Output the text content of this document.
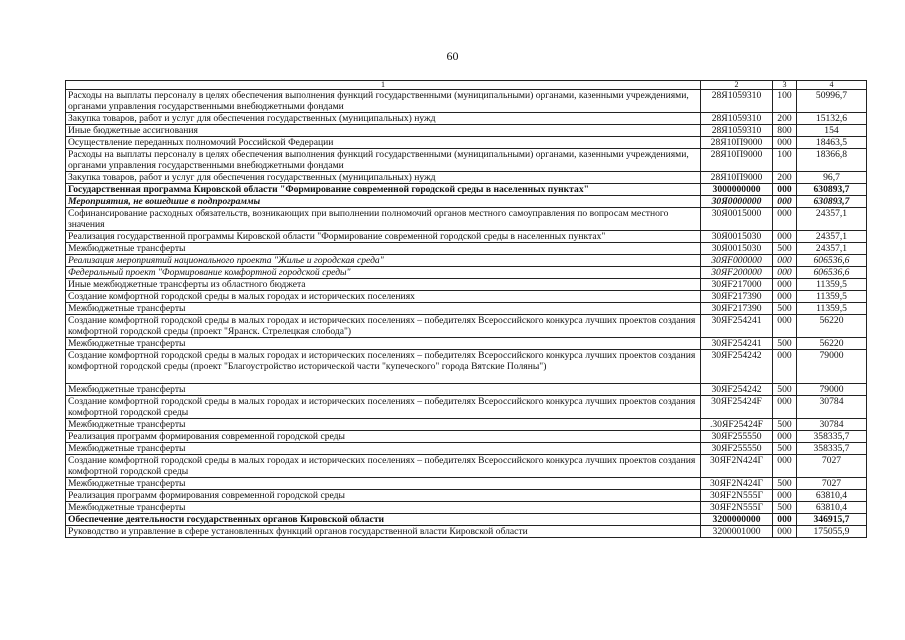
60
1	2	3	4
Расходы на выплаты персоналу в целях обеспечения выполнения функций государственными (муниципальными) органами, казенными учреждениями, органами управления государственными внебюджетными фондами	28Я1059310	100	50996,7
Закупка товаров, работ и услуг для обеспечения государственных (муниципальных) нужд	28Я1059310	200	15132,6
Иные бюджетные ассигнования	28Я1059310	800	154
Осуществление переданных полномочий Российской Федерации	28Я10П9000	000	18463,5
Расходы на выплаты персоналу в целях обеспечения выполнения функций государственными (муниципальными) органами, казенными учреждениями, органами управления государственными внебюджетными фондами	28Я10П9000	100	18366,8
Закупка товаров, работ и услуг для обеспечения государственных (муниципальных) нужд	28Я10П9000	200	96,7
Государственная программа Кировской области "Формирование современной городской среды в населенных пунктах"	3000000000	000	630893,7
Мероприятия, не вошедшие в подпрограммы	30Я0000000	000	630893,7
Софинансирование расходных обязательств, возникающих при выполнении полномочий органов местного самоуправления по вопросам местного значения	30Я0015000	000	24357,1
Реализация государственной программы Кировской области "Формирование современной городской среды в населенных пунктах"	30Я0015030	000	24357,1
Межбюджетные трансферты	30Я0015030	500	24357,1
Реализация мероприятий национального проекта "Жилье и городская среда"	30ЯF000000	000	606536,6
Федеральный проект "Формирование комфортной городской среды"	30ЯF200000	000	606536,6
Иные межбюджетные трансферты из областного бюджета	30ЯF217000	000	11359,5
Создание комфортной городской среды в малых городах и исторических поселениях	30ЯF217390	000	11359,5
Межбюджетные трансферты	30ЯF217390	500	11359,5
Создание комфортной городской среды в малых городах и исторических поселениях – победителях Всероссийского конкурса лучших проектов создания комфортной городской среды (проект "Яранск. Стрелецкая слобода")	30ЯF254241	000	56220
Межбюджетные трансферты	30ЯF254241	500	56220
Создание комфортной городской среды в малых городах и исторических поселениях – победителях Всероссийского конкурса лучших проектов создания комфортной городской среды (проект "Благоустройство исторической части "купеческого" города Вятские Поляны")	30ЯF254242	000	79000
Межбюджетные трансферты	30ЯF254242	500	79000
Создание комфортной городской среды в малых городах и исторических поселениях – победителях Всероссийского конкурса лучших проектов создания комфортной городской среды	30ЯF25424F	000	30784
Межбюджетные трансферты	.30ЯF25424F	500	30784
Реализация программ формирования современной городской среды	30ЯF255550	000	358335,7
Межбюджетные трансферты	30ЯF255550	500	358335,7
Создание комфортной городской среды в малых городах и исторических поселениях – победителях Всероссийского конкурса лучших проектов создания комфортной городской среды	30ЯF2N424Г	000	7027
Межбюджетные трансферты	30ЯF2N424Г	500	7027
Реализация программ формирования современной городской среды	30ЯF2N555Г	000	63810,4
Межбюджетные трансферты	30ЯF2N555Г	500	63810,4
Обеспечение деятельности государственных органов Кировской области	3200000000	000	346915,7
Руководство и управление в сфере установленных функций органов государственной власти Кировской области	3200001000	000	175055,9
